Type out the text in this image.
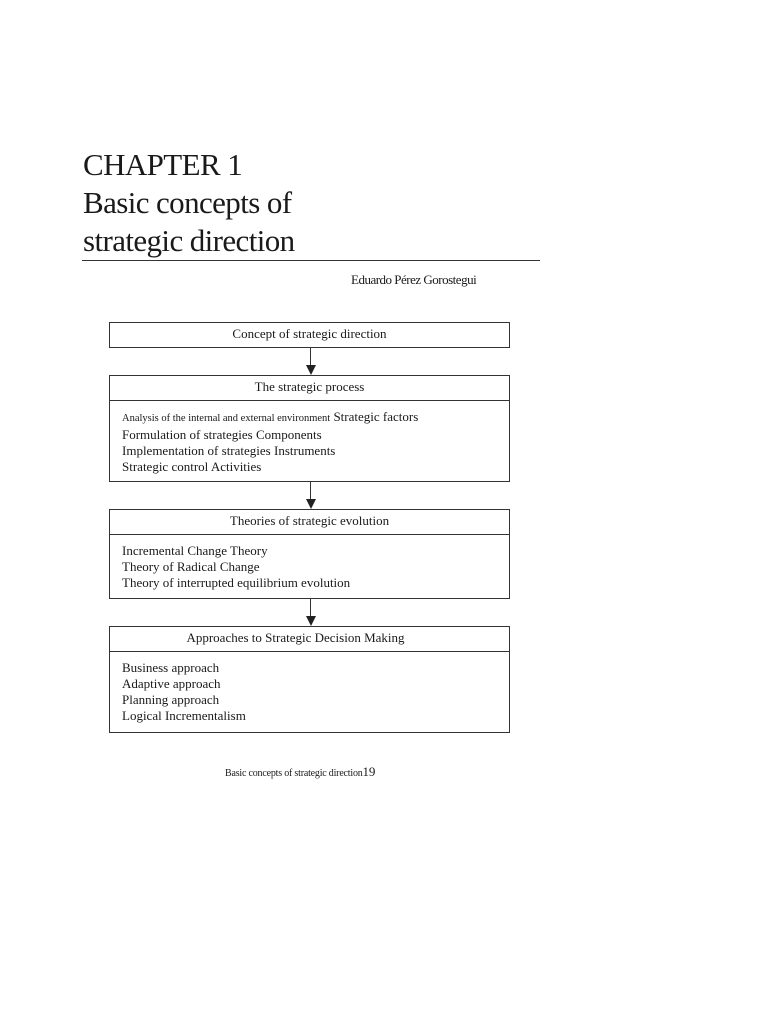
CHAPTER 1
Basic concepts of
strategic direction

Eduardo Pérez Gorostegui

Concept of strategic direction
The strategic process
Analysis of the internal and external environment Strategic factors
Formulation of strategies Components
Implementation of strategies Instruments
Strategic control Activities
Theories of strategic evolution
Incremental Change Theory
Theory of Radical Change
Theory of interrupted equilibrium evolution
Approaches to Strategic Decision Making
Business approach
Adaptive approach
Planning approach
Logical Incrementalism
Basic concepts of strategic direction19
